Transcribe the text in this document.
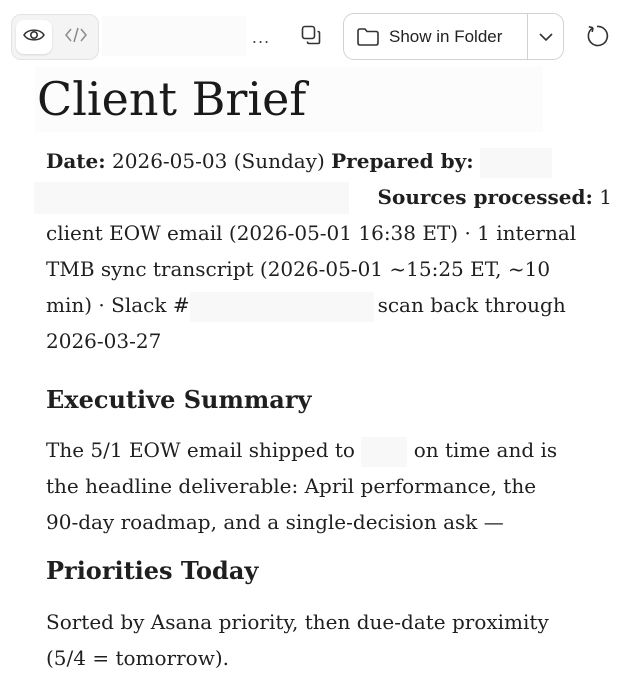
...	Show in Folder
Client Brief
Date: 2026-05-03 (Sunday) Prepared by:
Sources processed: 1
client EOW email (2026-05-01 16:38 ET) · 1 internal
TMB sync transcript (2026-05-01 ~15:25 ET, ~10
min) · Slack #	scan back through
2026-03-27
Executive Summary
The 5/1 EOW email shipped to	on time and is
the headline deliverable: April performance, the
90-day roadmap, and a single-decision ask —
Priorities Today
Sorted by Asana priority, then due-date proximity
(5/4 = tomorrow).
